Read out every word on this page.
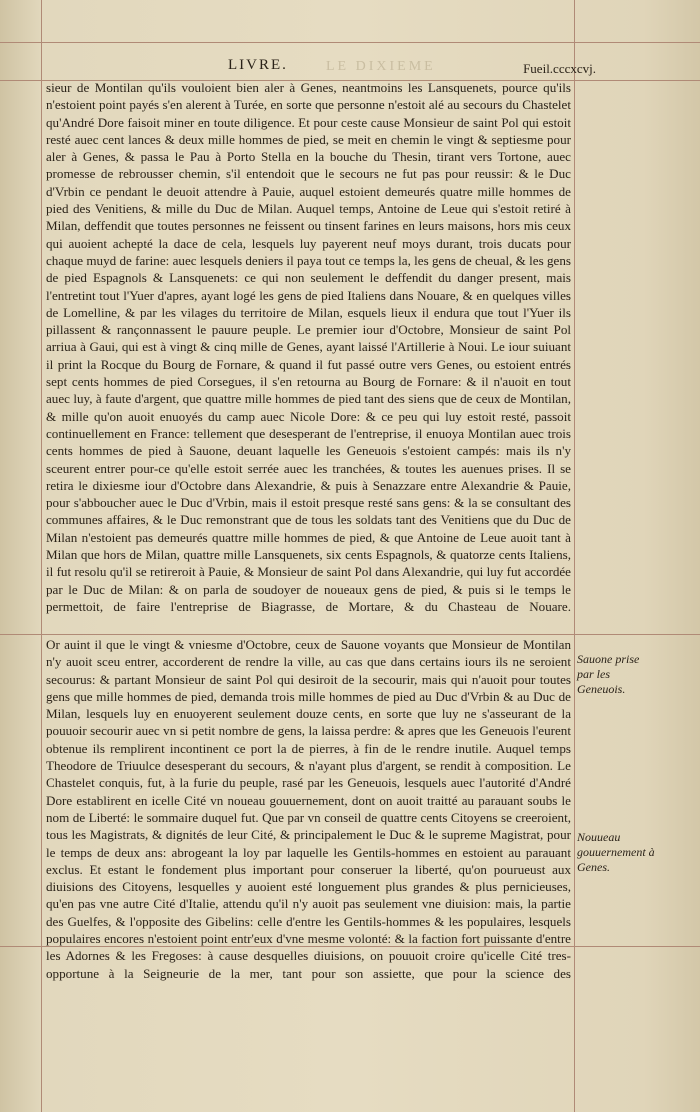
LIVRE.	LE DIXIEME	Fueil.cccxcvj.

sieur de Montilan qu'ils vouloient bien aler à Genes, neantmoins les Lansquenets, pource qu'ils n'estoient point payés s'en alerent à Turée, en sorte que personne n'estoit alé au secours du Chastelet qu'André Dore faisoit miner en toute diligence. Et pour ceste cause Monsieur de saint Pol qui estoit resté auec cent lances & deux mille hommes de pied, se meit en chemin le vingt & septiesme pour aler à Genes, & passa le Pau à Porto Stella en la bouche du Thesin, tirant vers Tortone, auec promesse de rebrousser chemin, s'il entendoit que le secours ne fut pas pour reussir: & le Duc d'Vrbin ce pendant le deuoit attendre à Pauie, auquel estoient demeurés quatre mille hommes de pied des Venitiens, & mille du Duc de Milan. Auquel temps, Antoine de Leue qui s'estoit retiré à Milan, deffendit que toutes personnes ne feissent ou tinsent farines en leurs maisons, hors mis ceux qui auoient achepté la dace de cela, lesquels luy payerent neuf moys durant, trois ducats pour chaque muyd de farine: auec lesquels deniers il paya tout ce temps la, les gens de cheual, & les gens de pied Espagnols & Lansquenets: ce qui non seulement le deffendit du danger present, mais l'entretint tout l'Yuer d'apres, ayant logé les gens de pied Italiens dans Nouare, & en quelques villes de Lomelline, & par les vilages du territoire de Milan, esquels lieux il endura que tout l'Yuer ils pillassent & rançonnassent le pauure peuple. Le premier iour d'Octobre, Monsieur de saint Pol arriua à Gaui, qui est à vingt & cinq mille de Genes, ayant laissé l'Artillerie à Noui. Le iour suiuant il print la Rocque du Bourg de Fornare, & quand il fut passé outre vers Genes, ou estoient entrés sept cents hommes de pied Corsegues, il s'en retourna au Bourg de Fornare: & il n'auoit en tout auec luy, à faute d'argent, que quattre mille hommes de pied tant des siens que de ceux de Montilan, & mille qu'on auoit enuoyés du camp auec Nicole Dore: & ce peu qui luy estoit resté, passoit continuellement en France: tellement que desesperant de l'entreprise, il enuoya Montilan auec trois cents hommes de pied à Sauone, deuant laquelle les Geneuois s'estoient campés: mais ils n'y sceurent entrer pour-ce qu'elle estoit serrée auec les tranchées, & toutes les auenues prises. Il se retira le dixiesme iour d'Octobre dans Alexandrie, & puis à Senazzare entre Alexandrie & Pauie, pour s'abboucher auec le Duc d'Vrbin, mais il estoit presque resté sans gens: & la se consultant des communes affaires, & le Duc remonstrant que de tous les soldats tant des Venitiens que du Duc de Milan n'estoient pas demeurés quattre mille hommes de pied, & que Antoine de Leue auoit tant à Milan que hors de Milan, quattre mille Lansquenets, six cents Espagnols, & quatorze cents Italiens, il fut resolu qu'il se retireroit à Pauie, & Monsieur de saint Pol dans Alexandrie, qui luy fut accordée par le Duc de Milan: & on parla de soudoyer de noueaux gens de pied, & puis si le temps le permettoit, de faire l'entreprise de Biagrasse, de Mortare, & du Chasteau de Nouare.

Or auint il que le vingt & vniesme d'Octobre, ceux de Sauone voyants que Monsieur de Montilan n'y auoit sceu entrer, accorderent de rendre la ville, au cas que dans certains iours ils ne seroient secourus: & partant Monsieur de saint Pol qui desiroit de la secourir, mais qui n'auoit pour toutes gens que mille hommes de pied, demanda trois mille hommes de pied au Duc d'Vrbin & au Duc de Milan, lesquels luy en enuoyerent seulement douze cents, en sorte que luy ne s'asseurant de la pouuoir secourir auec vn si petit nombre de gens, la laissa perdre: & apres que les Geneuois l'eurent obtenue ils remplirent incontinent ce port la de pierres, à fin de le rendre inutile. Auquel temps Theodore de Triuulce desesperant du secours, & n'ayant plus d'argent, se rendit à composition. Le Chastelet conquis, fut, à la furie du peuple, rasé par les Geneuois, lesquels auec l'autorité d'André Dore establirent en icelle Cité vn noueau gouuernement, dont on auoit traitté au parauant soubs le nom de Liberté: le sommaire duquel fut. Que par vn conseil de quattre cents Citoyens se creeroient, tous les Magistrats, & dignités de leur Cité, & principalement le Duc & le supreme Magistrat, pour le temps de deux ans: abrogeant la loy par laquelle les Gentils-hommes en estoient au parauant exclus. Et estant le fondement plus important pour conseruer la liberté, qu'on pourueust aux diuisions des Citoyens, lesquelles y auoient esté longuement plus grandes & plus pernicieuses, qu'en pas vne autre Cité d'Italie, attendu qu'il n'y auoit pas seulement vne diuision: mais, la partie des Guelfes, & l'opposite des Gibelins: celle d'entre les Gentils-hommes & les populaires, lesquels populaires encores n'estoient point entr'eux d'vne mesme volonté: & la faction fort puissante d'entre les Adornes & les Fregoses: à cause desquelles diuisions, on pouuoit croire qu'icelle Cité tres-opportune à la Seigneurie de la mer, tant pour son assiette, que pour la science des

Sauone prise par les Geneuois.
Nouueau gouuernement à Genes.
